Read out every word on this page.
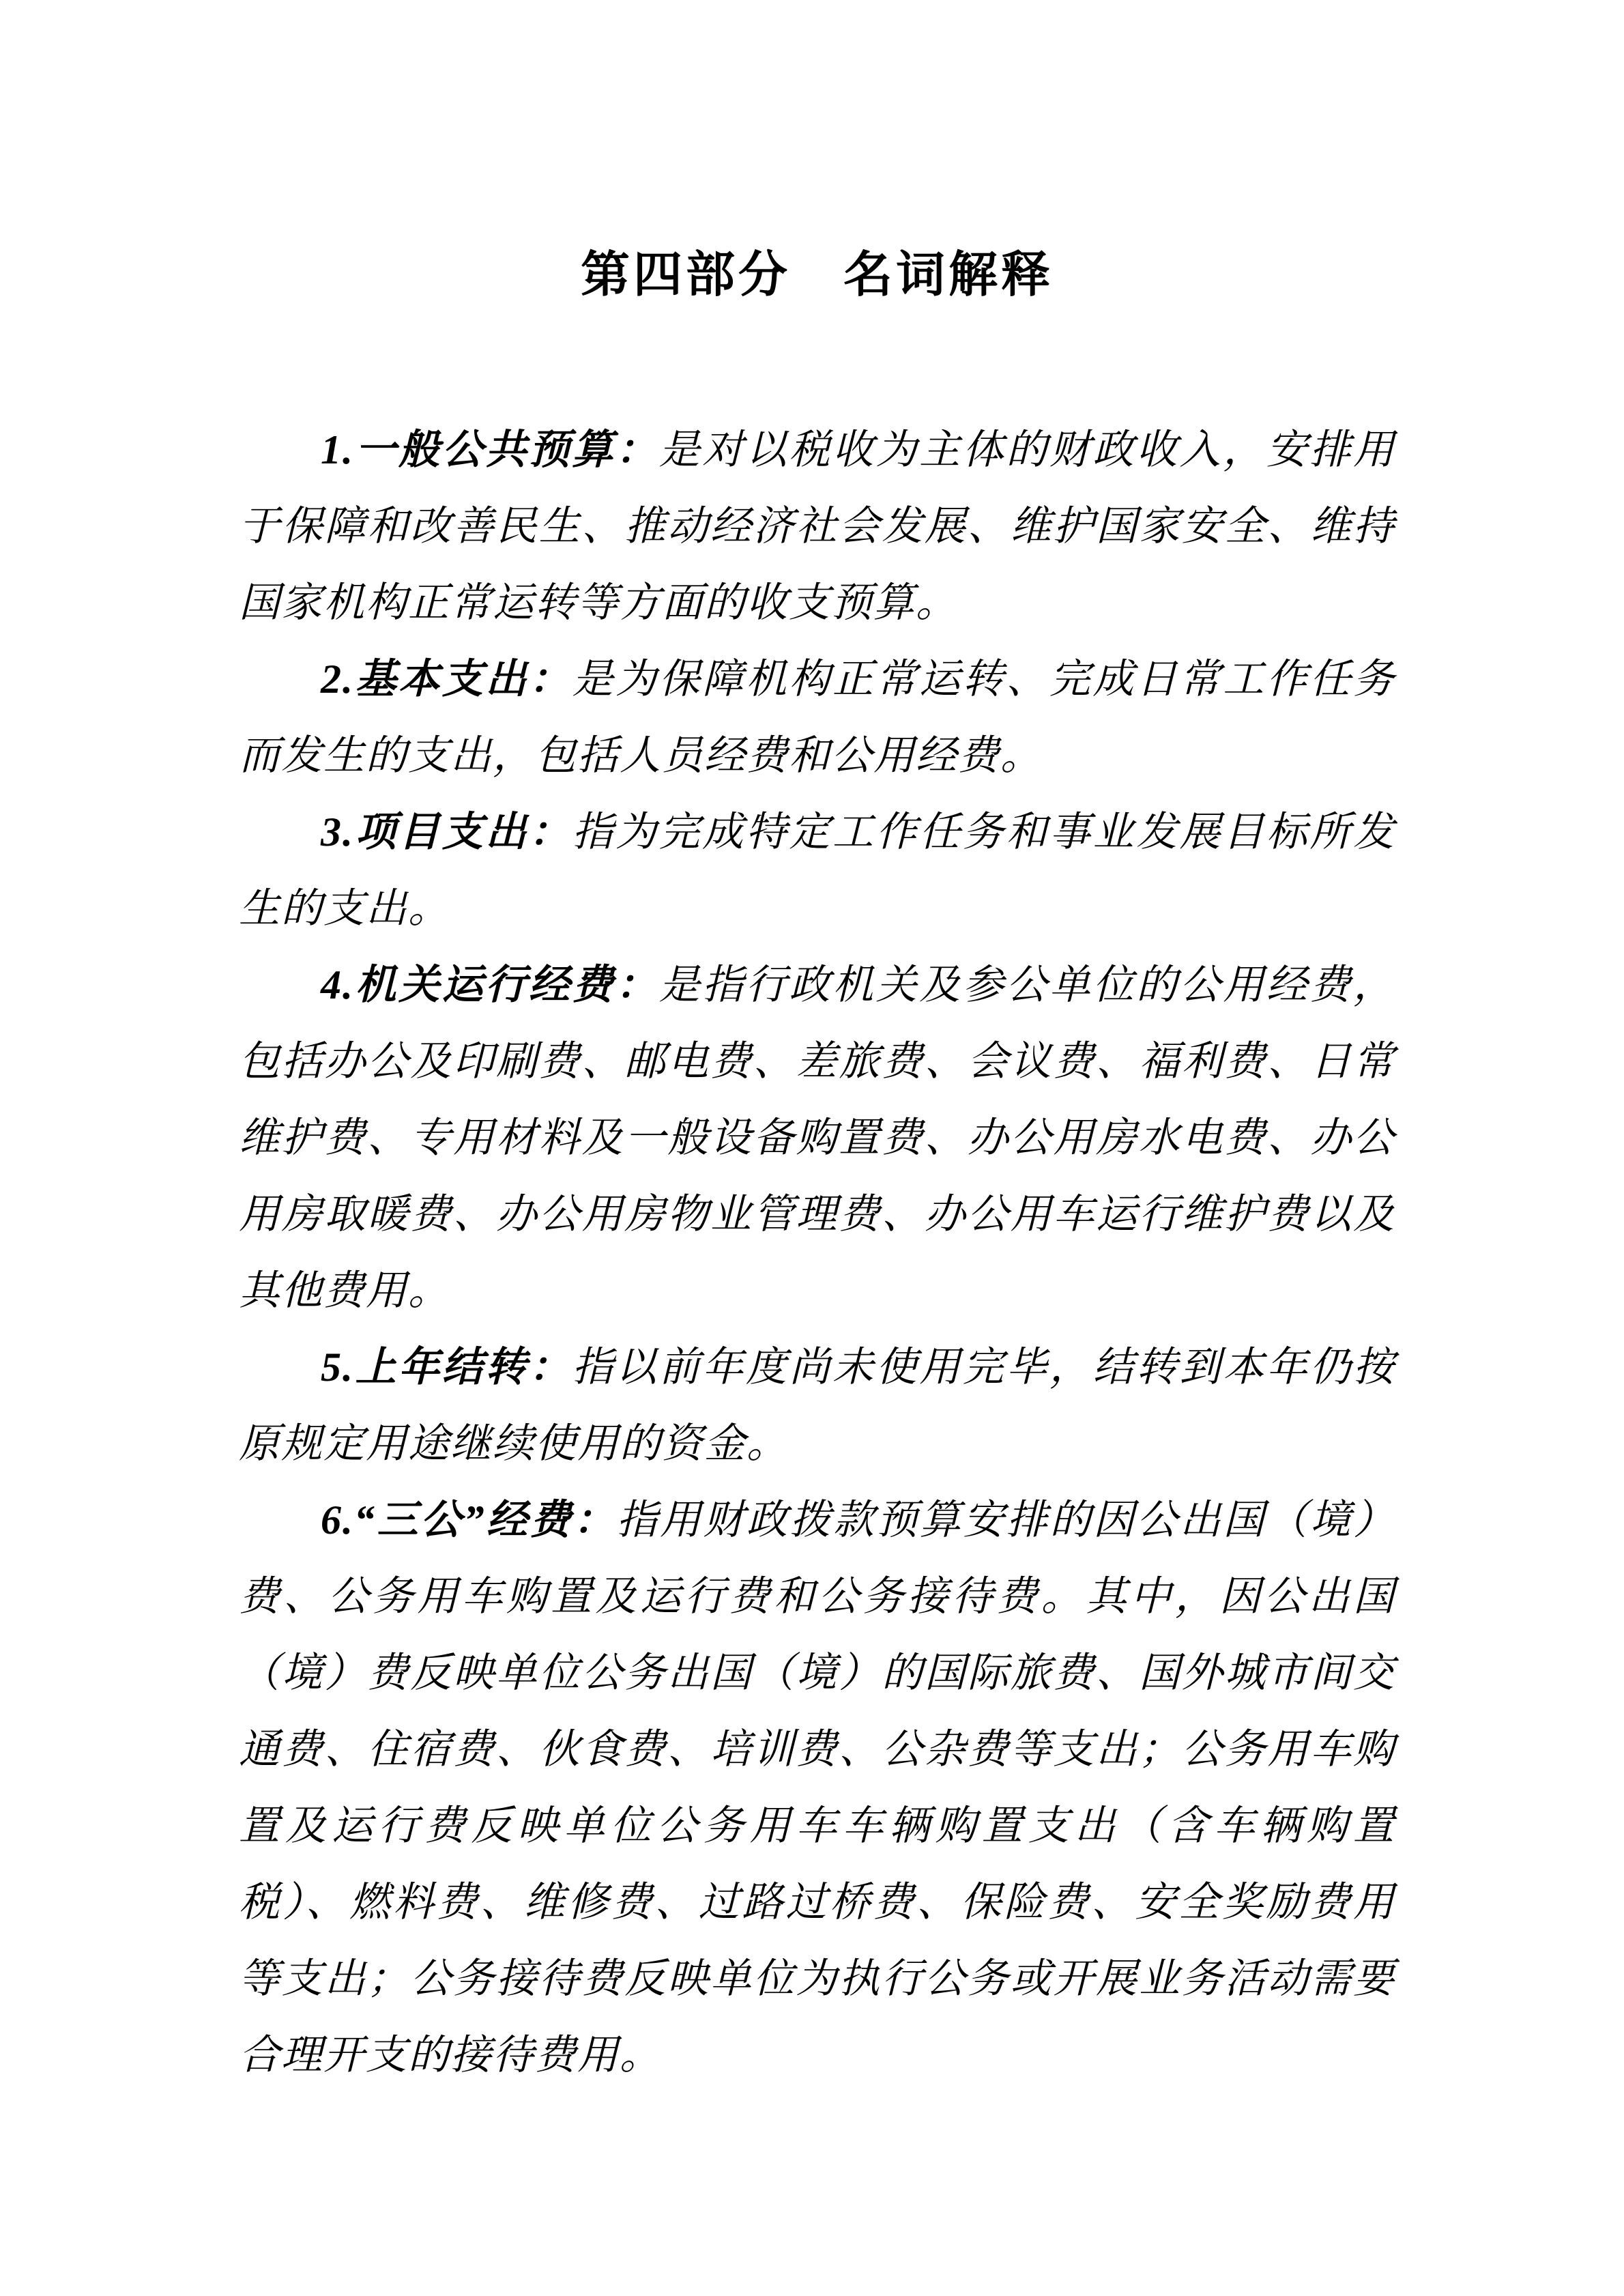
第四部分　名词解释

1.一般公共预算：是对以税收为主体的财政收入，安排用于保障和改善民生、推动经济社会发展、维护国家安全、维持国家机构正常运转等方面的收支预算。

2.基本支出：是为保障机构正常运转、完成日常工作任务而发生的支出，包括人员经费和公用经费。

3.项目支出：指为完成特定工作任务和事业发展目标所发生的支出。

4.机关运行经费：是指行政机关及参公单位的公用经费，包括办公及印刷费、邮电费、差旅费、会议费、福利费、日常维护费、专用材料及一般设备购置费、办公用房水电费、办公用房取暖费、办公用房物业管理费、办公用车运行维护费以及其他费用。

5.上年结转：指以前年度尚未使用完毕，结转到本年仍按原规定用途继续使用的资金。

6.“三公”经费：指用财政拨款预算安排的因公出国（境）费、公务用车购置及运行费和公务接待费。其中，因公出国（境）费反映单位公务出国（境）的国际旅费、国外城市间交通费、住宿费、伙食费、培训费、公杂费等支出；公务用车购置及运行费反映单位公务用车车辆购置支出（含车辆购置税）、燃料费、维修费、过路过桥费、保险费、安全奖励费用等支出；公务接待费反映单位为执行公务或开展业务活动需要合理开支的接待费用。
